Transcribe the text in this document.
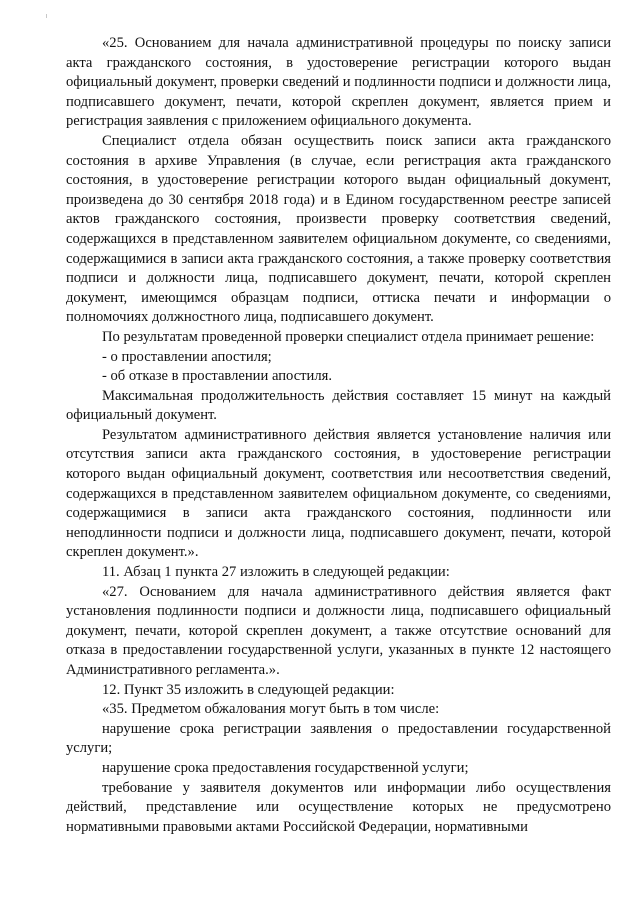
«25. Основанием для начала административной процедуры по поиску записи акта гражданского состояния, в удостоверение регистрации которого выдан официальный документ, проверки сведений и подлинности подписи и должности лица, подписавшего документ, печати, которой скреплен документ, является прием и регистрация заявления с приложением официального документа.

Специалист отдела обязан осуществить поиск записи акта гражданского состояния в архиве Управления (в случае, если регистрация акта гражданского состояния, в удостоверение регистрации которого выдан официальный документ, произведена до 30 сентября 2018 года) и в Едином государственном реестре записей актов гражданского состояния, произвести проверку соответствия сведений, содержащихся в представленном заявителем официальном документе, со сведениями, содержащимися в записи акта гражданского состояния, а также проверку соответствия подписи и должности лица, подписавшего документ, печати, которой скреплен документ, имеющимся образцам подписи, оттиска печати и информации о полномочиях должностного лица, подписавшего документ.

По результатам проведенной проверки специалист отдела принимает решение:

- о проставлении апостиля;

- об отказе в проставлении апостиля.

Максимальная продолжительность действия составляет 15 минут на каждый официальный документ.

Результатом административного действия является установление наличия или отсутствия записи акта гражданского состояния, в удостоверение регистрации которого выдан официальный документ, соответствия или несоответствия сведений, содержащихся в представленном заявителем официальном документе, со сведениями, содержащимися в записи акта гражданского состояния, подлинности или неподлинности подписи и должности лица, подписавшего документ, печати, которой скреплен документ.».

11. Абзац 1 пункта 27 изложить в следующей редакции:

«27. Основанием для начала административного действия является факт установления подлинности подписи и должности лица, подписавшего официальный документ, печати, которой скреплен документ, а также отсутствие оснований для отказа в предоставлении государственной услуги, указанных в пункте 12 настоящего Административного регламента.».

12. Пункт 35 изложить в следующей редакции:

«35. Предметом обжалования могут быть в том числе:

нарушение срока регистрации заявления о предоставлении государственной услуги;

нарушение срока предоставления государственной услуги;

требование у заявителя документов или информации либо осуществления действий, представление или осуществление которых не предусмотрено нормативными правовыми актами Российской Федерации, нормативными
